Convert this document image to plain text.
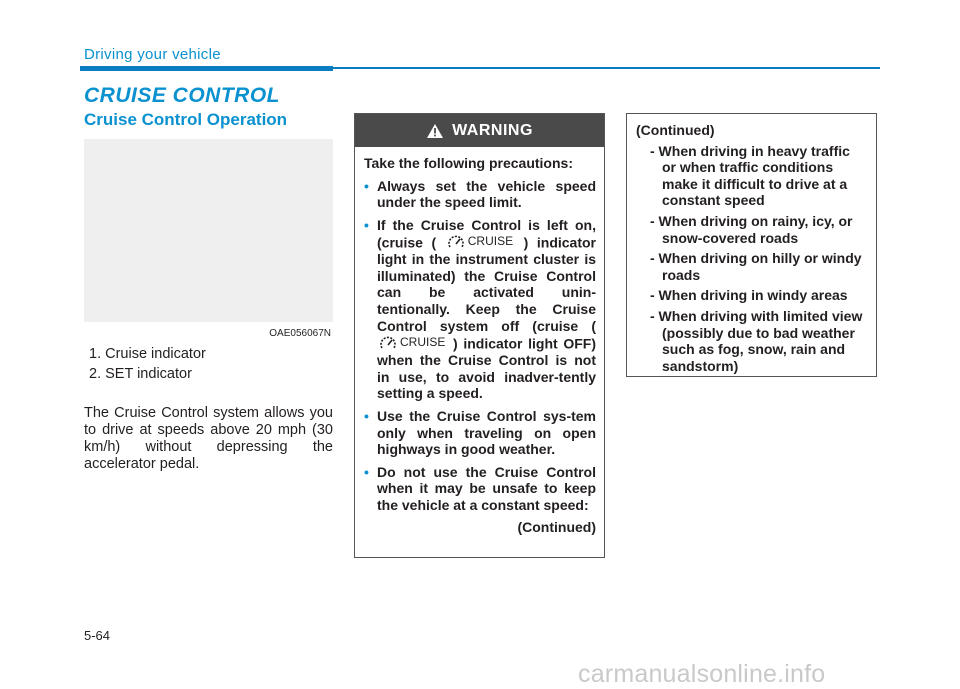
Driving your vehicle
CRUISE CONTROL
Cruise Control Operation
OAE056067N
1. Cruise indicator
2. SET indicator
The Cruise Control system allows you to drive at speeds above 20 mph (30 km/h) without depressing the accelerator pedal.
WARNING

Take the following precautions:

• Always set the vehicle speed under the speed limit.
• If the Cruise Control is left on, (cruise (	CRUISE ) indicator light in the instrument cluster is illuminated) the Cruise Control can be activated unin-tentionally. Keep the Cruise Control system off (cruise (
CRUISE ) indicator light OFF) when the Cruise Control is not in use, to avoid inadver-tently setting a speed.
• Use the Cruise Control sys-tem only when traveling on open highways in good weather.
• Do not use the Cruise Control when it may be unsafe to keep the vehicle at a constant speed:
(Continued)
(Continued)
- When driving in heavy traffic or when traffic conditions make it difficult to drive at a constant speed
- When driving on rainy, icy, or snow-covered roads
- When driving on hilly or windy roads
- When driving in windy areas
- When driving with limited view (possibly due to bad weather such as fog, snow, rain and sandstorm)
5-64
carmanualsonline.info
